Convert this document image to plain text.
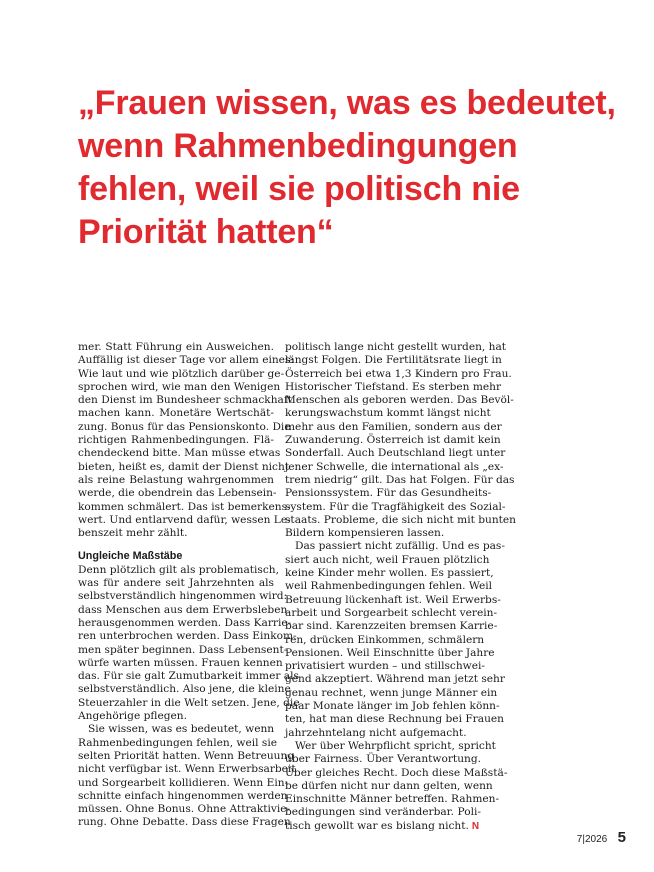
„Frauen wissen, was es bedeutet,
wenn Rahmenbedingungen
fehlen, weil sie politisch nie
Priorität hatten“
mer. Statt Führung ein Ausweichen.
Auffällig ist dieser Tage vor allem eines:
Wie laut und wie plötzlich darüber ge-
sprochen wird, wie man den Wenigen
den Dienst im Bundesheer schmackhaft
machen kann. Monetäre Wertschät-
zung. Bonus für das Pensionskonto. Die
richtigen Rahmenbedingungen. Flä-
chendeckend bitte. Man müsse etwas
bieten, heißt es, damit der Dienst nicht
als reine Belastung wahrgenommen
werde, die obendrein das Lebensein-
kommen schmälert. Das ist bemerkens-
wert. Und entlarvend dafür, wessen Le-
benszeit mehr zählt.
Ungleiche Maßstäbe
Denn plötzlich gilt als problematisch,
was für andere seit Jahrzehnten als
selbstverständlich hingenommen wird:
dass Menschen aus dem Erwerbsleben
herausgenommen werden. Dass Karrie-
ren unterbrochen werden. Dass Einkom-
men später beginnen. Dass Lebensent-
würfe warten müssen. Frauen kennen
das. Für sie galt Zumutbarkeit immer als
selbstverständlich. Also jene, die kleine
Steuerzahler in die Welt setzen. Jene, die
Angehörige pflegen.
Sie wissen, was es bedeutet, wenn
Rahmenbedingungen fehlen, weil sie
selten Priorität hatten. Wenn Betreuung
nicht verfügbar ist. Wenn Erwerbsarbeit
und Sorgearbeit kollidieren. Wenn Ein-
schnitte einfach hingenommen werden
müssen. Ohne Bonus. Ohne Attraktivie-
rung. Ohne Debatte. Dass diese Fragen
politisch lange nicht gestellt wurden, hat
längst Folgen. Die Fertilitätsrate liegt in
Österreich bei etwa 1,3 Kindern pro Frau.
Historischer Tiefstand. Es sterben mehr
Menschen als geboren werden. Das Bevöl-
kerungswachstum kommt längst nicht
mehr aus den Familien, sondern aus der
Zuwanderung. Österreich ist damit kein
Sonderfall. Auch Deutschland liegt unter
jener Schwelle, die international als „ex-
trem niedrig“ gilt. Das hat Folgen. Für das
Pensionssystem. Für das Gesundheits-
system. Für die Tragfähigkeit des Sozial-
staats. Probleme, die sich nicht mit bunten
Bildern kompensieren lassen.
Das passiert nicht zufällig. Und es pas-
siert auch nicht, weil Frauen plötzlich
keine Kinder mehr wollen. Es passiert,
weil Rahmenbedingungen fehlen. Weil
Betreuung lückenhaft ist. Weil Erwerbs-
arbeit und Sorgearbeit schlecht verein-
bar sind. Karenzzeiten bremsen Karrie-
ren, drücken Einkommen, schmälern
Pensionen. Weil Einschnitte über Jahre
privatisiert wurden – und stillschwei-
gend akzeptiert. Während man jetzt sehr
genau rechnet, wenn junge Männer ein
paar Monate länger im Job fehlen könn-
ten, hat man diese Rechnung bei Frauen
jahrzehntelang nicht aufgemacht.
Wer über Wehrpflicht spricht, spricht
über Fairness. Über Verantwortung.
Über gleiches Recht. Doch diese Maßstä-
be dürfen nicht nur dann gelten, wenn
Einschnitte Männer betreffen. Rahmen-
bedingungen sind veränderbar. Poli-
tisch gewollt war es bislang nicht. N
7|2026 5
